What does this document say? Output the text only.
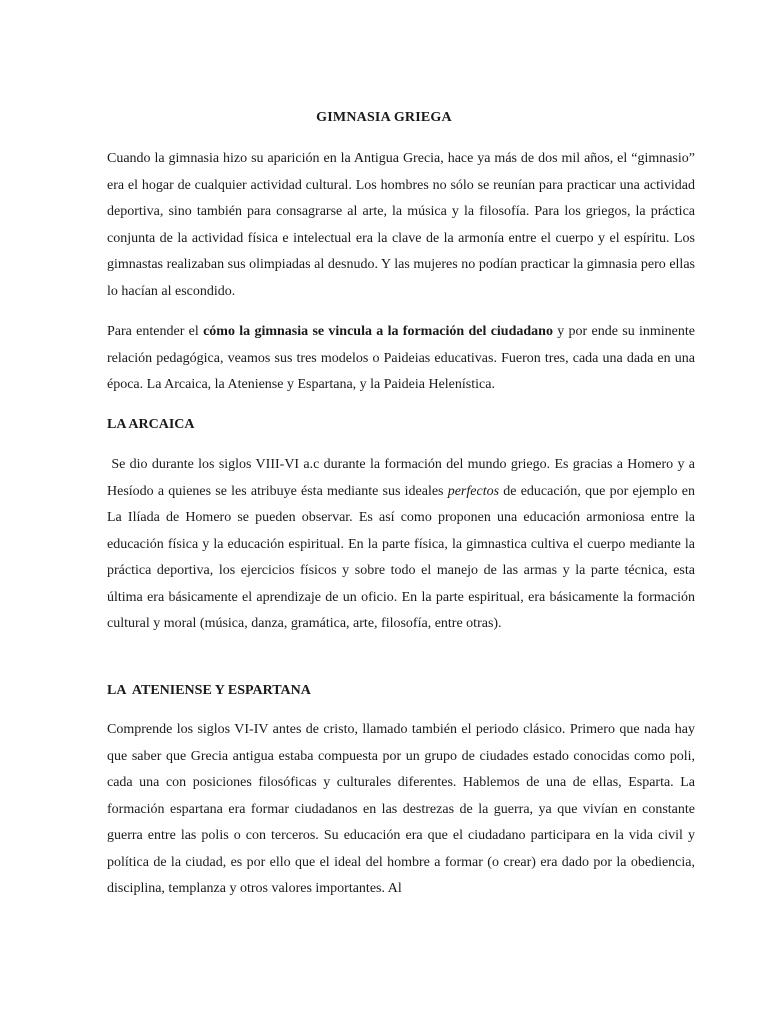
GIMNASIA GRIEGA

Cuando la gimnasia hizo su aparición en la Antigua Grecia, hace ya más de dos mil años, el “gimnasio” era el hogar de cualquier actividad cultural. Los hombres no sólo se reunían para practicar una actividad deportiva, sino también para consagrarse al arte, la música y la filosofía. Para los griegos, la práctica conjunta de la actividad física e intelectual era la clave de la armonía entre el cuerpo y el espíritu. Los gimnastas realizaban sus olimpiadas al desnudo. Y las mujeres no podían practicar la gimnasia pero ellas lo hacían al escondido.

Para entender el cómo la gimnasia se vincula a la formación del ciudadano y por ende su inminente relación pedagógica, veamos sus tres modelos o Paideias educativas. Fueron tres, cada una dada en una época. La Arcaica, la Ateniense y Espartana, y la Paideia Helenística.

LA ARCAICA

Se dio durante los siglos VIII-VI a.c durante la formación del mundo griego. Es gracias a Homero y a Hesíodo a quienes se les atribuye ésta mediante sus ideales perfectos de educación, que por ejemplo en La Ilíada de Homero se pueden observar. Es así como proponen una educación armoniosa entre la educación física y la educación espiritual. En la parte física, la gimnastica cultiva el cuerpo mediante la práctica deportiva, los ejercicios físicos y sobre todo el manejo de las armas y la parte técnica, esta última era básicamente el aprendizaje de un oficio. En la parte espiritual, era básicamente la formación cultural y moral (música, danza, gramática, arte, filosofía, entre otras).

LA  ATENIENSE Y ESPARTANA

Comprende los siglos VI-IV antes de cristo, llamado también el periodo clásico. Primero que nada hay que saber que Grecia antigua estaba compuesta por un grupo de ciudades estado conocidas como poli, cada una con posiciones filosóficas y culturales diferentes. Hablemos de una de ellas, Esparta. La formación espartana era formar ciudadanos en las destrezas de la guerra, ya que vivían en constante guerra entre las polis o con terceros. Su educación era que el ciudadano participara en la vida civil y política de la ciudad, es por ello que el ideal del hombre a formar (o crear) era dado por la obediencia, disciplina, templanza y otros valores importantes. Al
